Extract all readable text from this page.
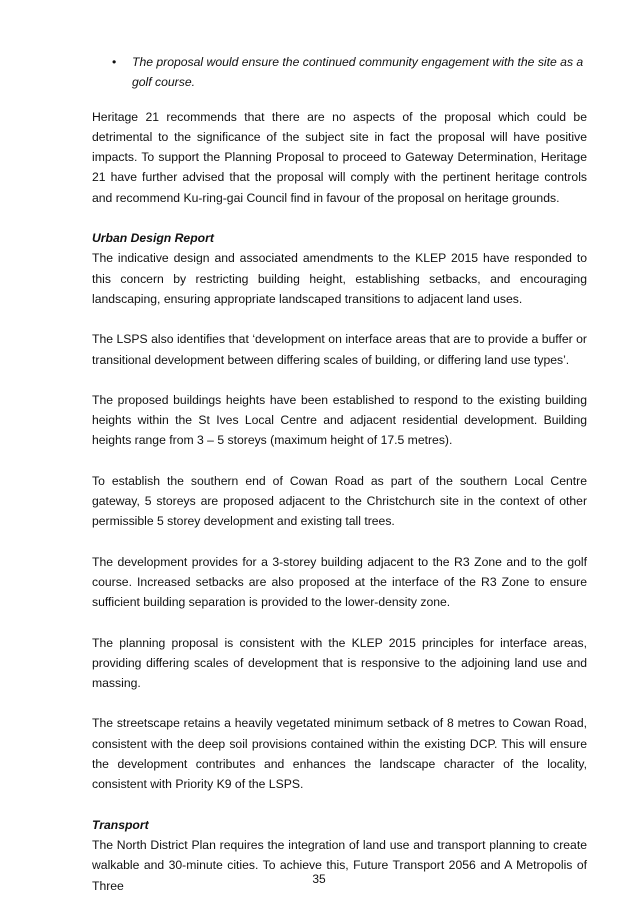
• The proposal would ensure the continued community engagement with the site as a golf course.

Heritage 21 recommends that there are no aspects of the proposal which could be detrimental to the significance of the subject site in fact the proposal will have positive impacts. To support the Planning Proposal to proceed to Gateway Determination, Heritage 21 have further advised that the proposal will comply with the pertinent heritage controls and recommend Ku-ring-gai Council find in favour of the proposal on heritage grounds.

Urban Design Report

The indicative design and associated amendments to the KLEP 2015 have responded to this concern by restricting building height, establishing setbacks, and encouraging landscaping, ensuring appropriate landscaped transitions to adjacent land uses.

The LSPS also identifies that ‘development on interface areas that are to provide a buffer or transitional development between differing scales of building, or differing land use types’.

The proposed buildings heights have been established to respond to the existing building heights within the St Ives Local Centre and adjacent residential development. Building heights range from 3 – 5 storeys (maximum height of 17.5 metres).

To establish the southern end of Cowan Road as part of the southern Local Centre gateway, 5 storeys are proposed adjacent to the Christchurch site in the context of other permissible 5 storey development and existing tall trees.

The development provides for a 3-storey building adjacent to the R3 Zone and to the golf course. Increased setbacks are also proposed at the interface of the R3 Zone to ensure sufficient building separation is provided to the lower-density zone.

The planning proposal is consistent with the KLEP 2015 principles for interface areas, providing differing scales of development that is responsive to the adjoining land use and massing.

The streetscape retains a heavily vegetated minimum setback of 8 metres to Cowan Road, consistent with the deep soil provisions contained within the existing DCP. This will ensure the development contributes and enhances the landscape character of the locality, consistent with Priority K9 of the LSPS.

Transport

The North District Plan requires the integration of land use and transport planning to create walkable and 30-minute cities. To achieve this, Future Transport 2056 and A Metropolis of Three	35
